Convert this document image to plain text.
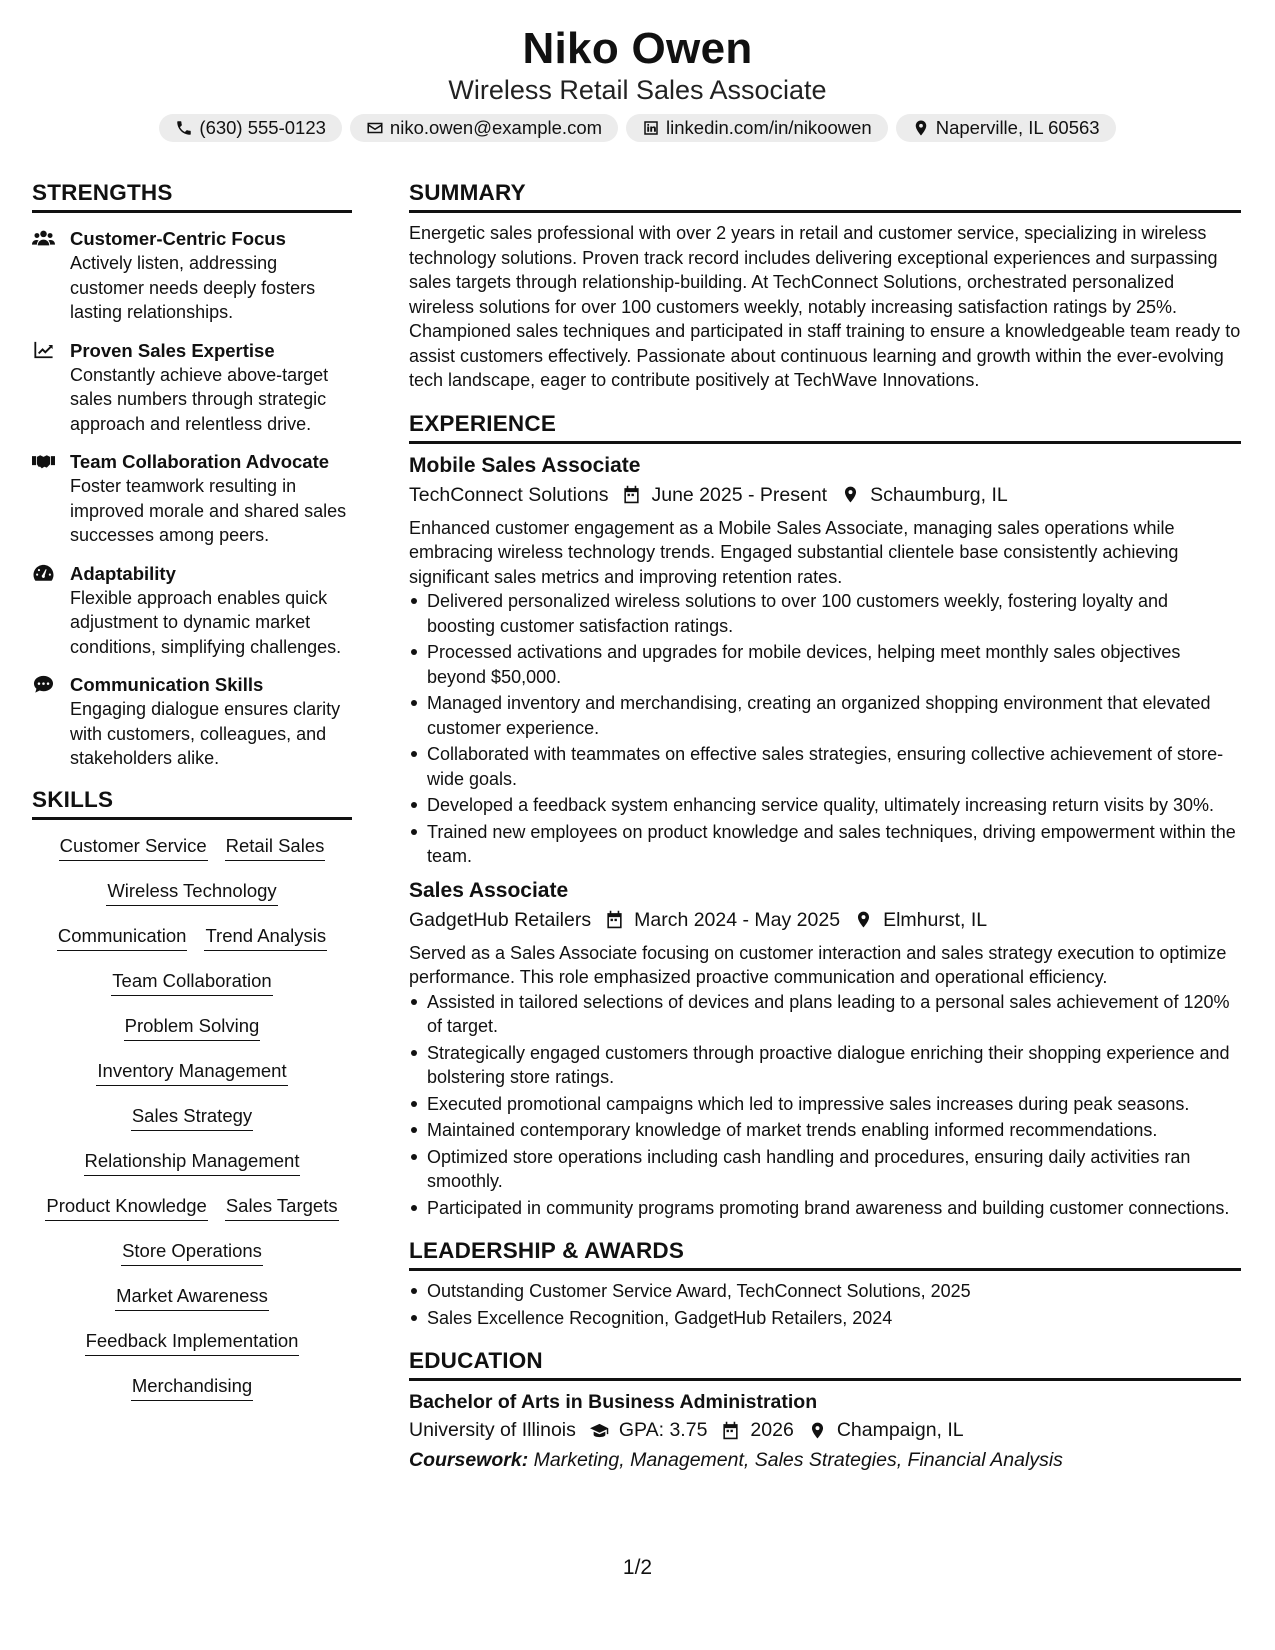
Niko Owen
Wireless Retail Sales Associate
(630) 555-0123	niko.owen@example.com	linkedin.com/in/nikoowen	Naperville, IL 60563
STRENGTHS
Customer-Centric Focus
Actively listen, addressing customer needs deeply fosters lasting relationships.
Proven Sales Expertise
Constantly achieve above-target sales numbers through strategic approach and relentless drive.
Team Collaboration Advocate
Foster teamwork resulting in improved morale and shared sales successes among peers.
Adaptability
Flexible approach enables quick adjustment to dynamic market conditions, simplifying challenges.
Communication Skills
Engaging dialogue ensures clarity with customers, colleagues, and stakeholders alike.
SKILLS
Customer Service Retail Sales
Wireless Technology
Communication Trend Analysis
Team Collaboration
Problem Solving
Inventory Management
Sales Strategy
Relationship Management
Product Knowledge Sales Targets
Store Operations
Market Awareness
Feedback Implementation
Merchandising
SUMMARY
Energetic sales professional with over 2 years in retail and customer service, specializing in wireless technology solutions. Proven track record includes delivering exceptional experiences and surpassing sales targets through relationship-building. At TechConnect Solutions, orchestrated personalized wireless solutions for over 100 customers weekly, notably increasing satisfaction ratings by 25%. Championed sales techniques and participated in staff training to ensure a knowledgeable team ready to assist customers effectively. Passionate about continuous learning and growth within the ever-evolving tech landscape, eager to contribute positively at TechWave Innovations.
EXPERIENCE
Mobile Sales Associate
TechConnect Solutions June 2025 - Present Schaumburg, IL
Enhanced customer engagement as a Mobile Sales Associate, managing sales operations while embracing wireless technology trends. Engaged substantial clientele base consistently achieving significant sales metrics and improving retention rates.
Delivered personalized wireless solutions to over 100 customers weekly, fostering loyalty and boosting customer satisfaction ratings.
Processed activations and upgrades for mobile devices, helping meet monthly sales objectives beyond $50,000.
Managed inventory and merchandising, creating an organized shopping environment that elevated customer experience.
Collaborated with teammates on effective sales strategies, ensuring collective achievement of store-wide goals.
Developed a feedback system enhancing service quality, ultimately increasing return visits by 30%.
Trained new employees on product knowledge and sales techniques, driving empowerment within the team.
Sales Associate
GadgetHub Retailers March 2024 - May 2025 Elmhurst, IL
Served as a Sales Associate focusing on customer interaction and sales strategy execution to optimize performance. This role emphasized proactive communication and operational efficiency.
Assisted in tailored selections of devices and plans leading to a personal sales achievement of 120% of target.
Strategically engaged customers through proactive dialogue enriching their shopping experience and bolstering store ratings.
Executed promotional campaigns which led to impressive sales increases during peak seasons.
Maintained contemporary knowledge of market trends enabling informed recommendations.
Optimized store operations including cash handling and procedures, ensuring daily activities ran smoothly.
Participated in community programs promoting brand awareness and building customer connections.
LEADERSHIP & AWARDS
Outstanding Customer Service Award, TechConnect Solutions, 2025
Sales Excellence Recognition, GadgetHub Retailers, 2024
EDUCATION
Bachelor of Arts in Business Administration
University of Illinois GPA: 3.75 2026 Champaign, IL
Coursework: Marketing, Management, Sales Strategies, Financial Analysis
1/2
